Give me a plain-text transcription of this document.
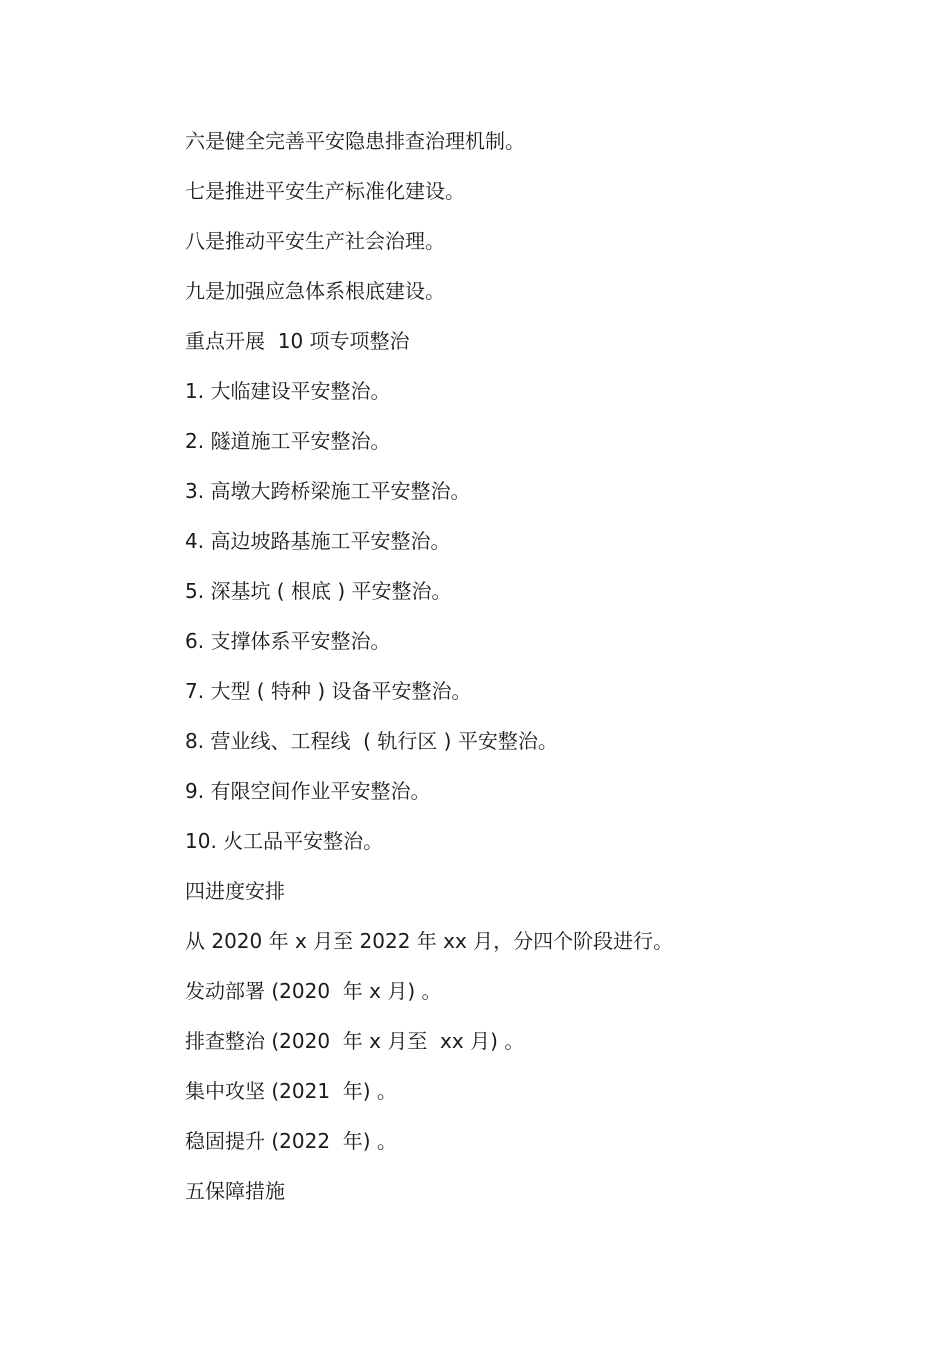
六是健全完善平安隐患排查治理机制。
七是推进平安生产标准化建设。
八是推动平安生产社会治理。
九是加强应急体系根底建设。
重点开展  10 项专项整治
1. 大临建设平安整治。
2. 隧道施工平安整治。
3. 高墩大跨桥梁施工平安整治。
4. 高边坡路基施工平安整治。
5. 深基坑 ( 根底 ) 平安整治。
6. 支撑体系平安整治。
7. 大型 ( 特种 ) 设备平安整治。
8. 营业线、工程线  ( 轨行区 ) 平安整治。
9. 有限空间作业平安整治。
10. 火工品平安整治。
四进度安排
从 2020 年 x 月至 2022 年 xx 月，分四个阶段进行。
发动部署 (2020  年 x 月) 。
排查整治 (2020  年 x 月至  xx 月) 。
集中攻坚 (2021  年) 。
稳固提升 (2022  年) 。
五保障措施
